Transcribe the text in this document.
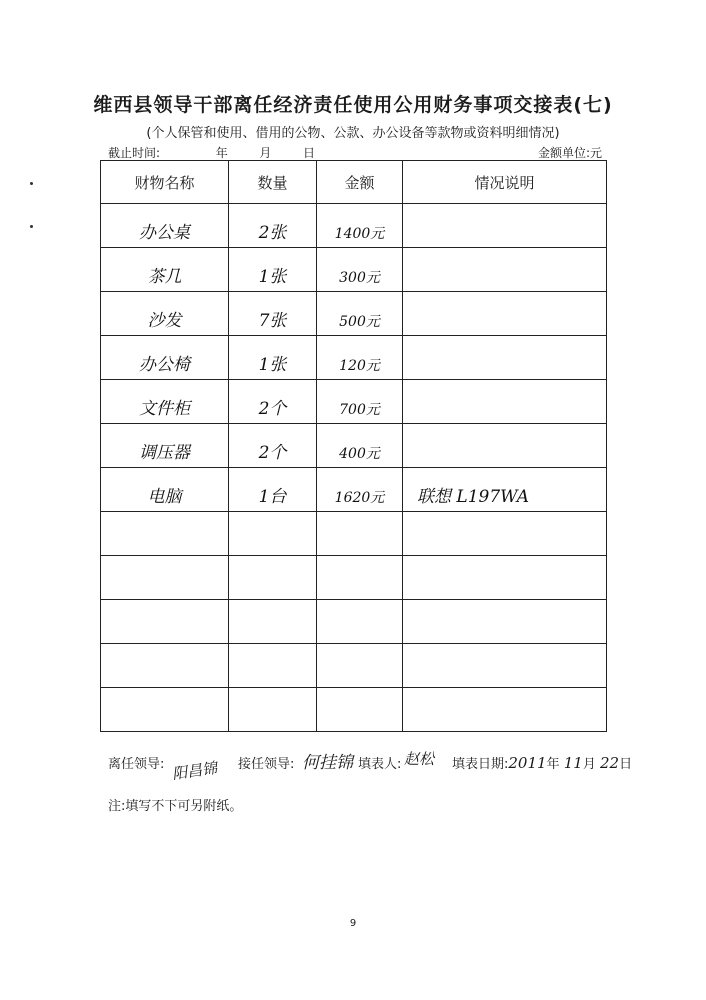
维西县领导干部离任经济责任使用公用财务事项交接表(七)
(个人保管和使用、借用的公物、公款、办公设备等款物或资料明细情况)
截止时间:	年	月	日	金额单位:元
财物名称	数量	金额	情况说明
办公桌	2张	1400元	
茶几	1张	300元	
沙发	7张	500元	
办公椅	1张	120元	
文件柜	2个	700元	
调压器	2个	400元	
电脑	1台	1620元	联想 L197WA

离任领导: 阳昌锦 接任领导: 何挂锦 填表人: 赵松 填表日期:2011年 11月 22日
注:填写不下可另附纸。
9
